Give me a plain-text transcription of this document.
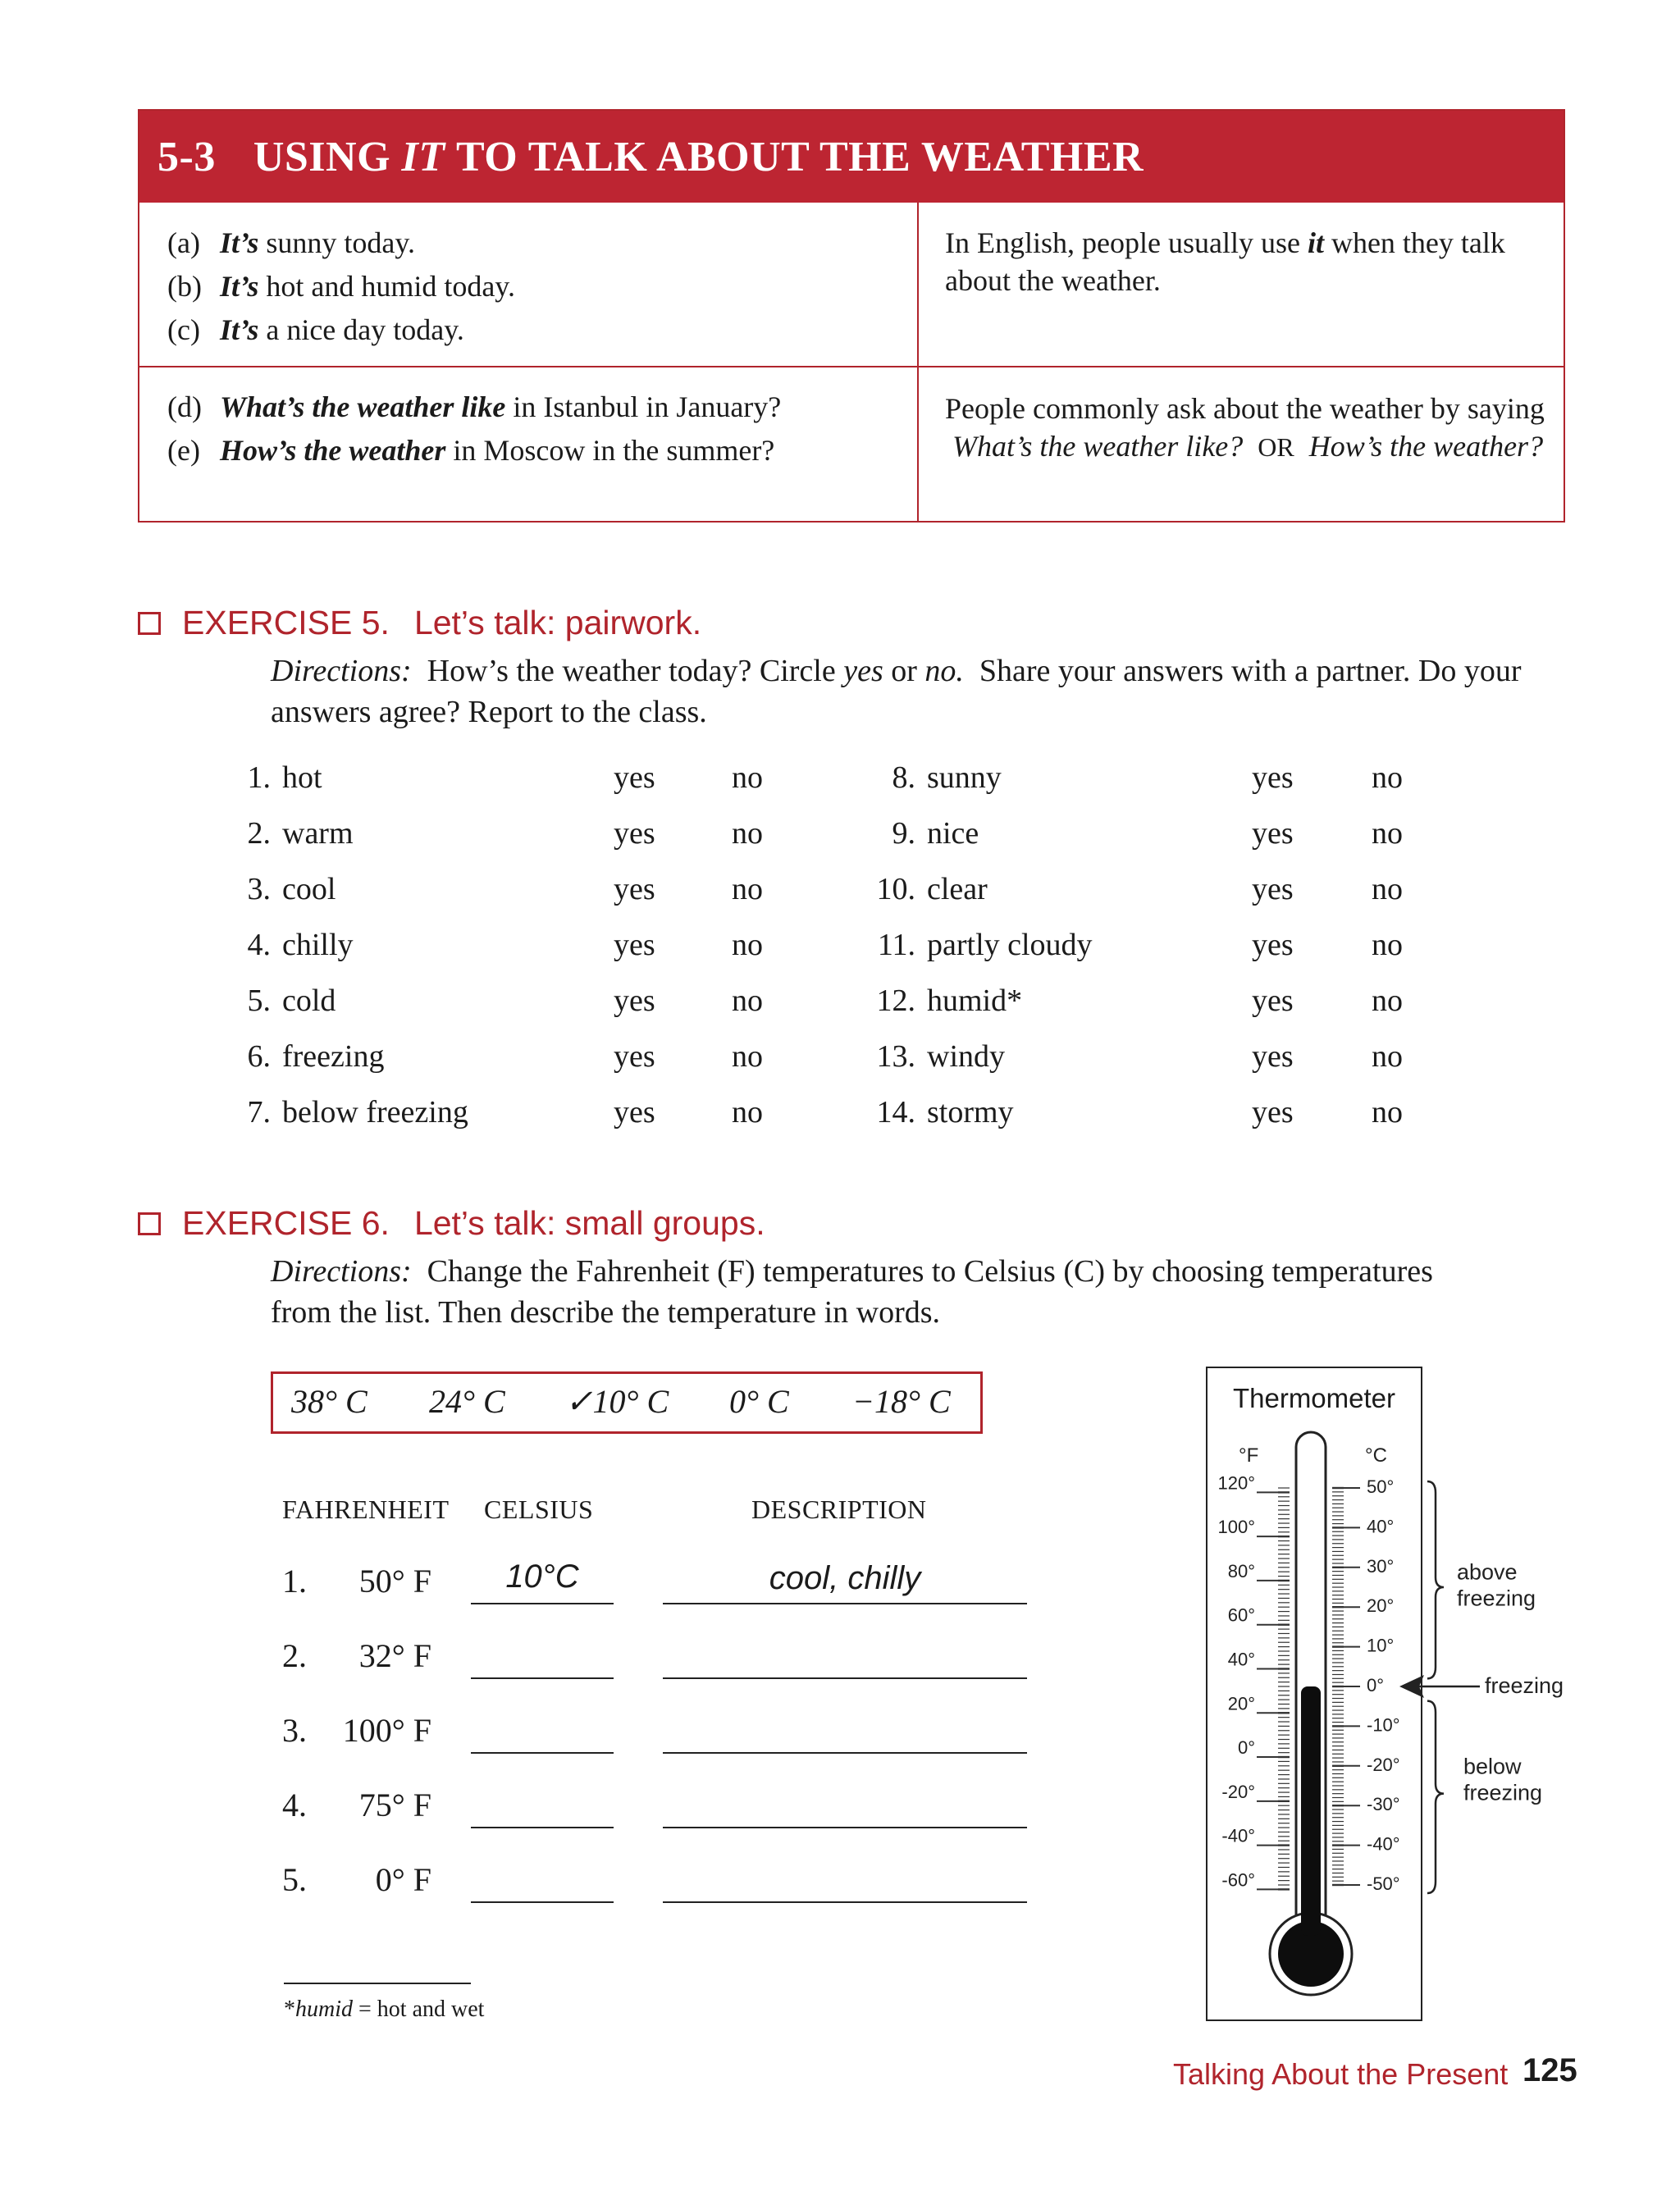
5-3 USING
IT
TO TALK ABOUT THE WEATHER
(a) It’s sunny today.
(b) It’s hot and humid today.
(c) It’s a nice day today.
In English, people usually use it when they talk about the weather.
(d) What’s the weather like in Istanbul in January?
(e) How’s the weather in Moscow in the summer?
People commonly ask about the weather by saying  What’s the weather like? OR How’s the weather?
EXERCISE 5. Let’s talk: pairwork.
Directions: How’s the weather today? Circle yes or no. Share your answers with a partner. Do your answers agree? Report to the class.
1. hot	yes no
2. warm	yes no
3. cool	yes no
4. chilly	yes no
5. cold	yes no
6. freezing	yes no
7. below freezing	yes no
8. sunny	yes	no
9. nice	yes	no
10. clear	yes	no
11. partly cloudy	yes	no
12. humid*	yes	no
13. windy	yes	no
14. stormy	yes	no
EXERCISE 6. Let’s talk: small groups.
Directions: Change the Fahrenheit (F) temperatures to Celsius (C) by choosing temperatures from the list. Then describe the temperature in words.
38° C 24° C ✓10° C 0° C −18° C
FAHRENHEIT CELSIUS	DESCRIPTION
1.	50° F	10°C	cool, chilly
2.	32° F
3.	100° F
4.	75° F
5.	0° F
Thermometer
°F	°C
120°
100°
80°
60°
40°
20°
0°
-20°
-40°
-60°
50°
40°
30°
20°
10°
0°
-10°
-20°
-30°
-40°
-50°
above
freezing
below
freezing
freezing
*humid = hot and wet
Talking About the Present 125
